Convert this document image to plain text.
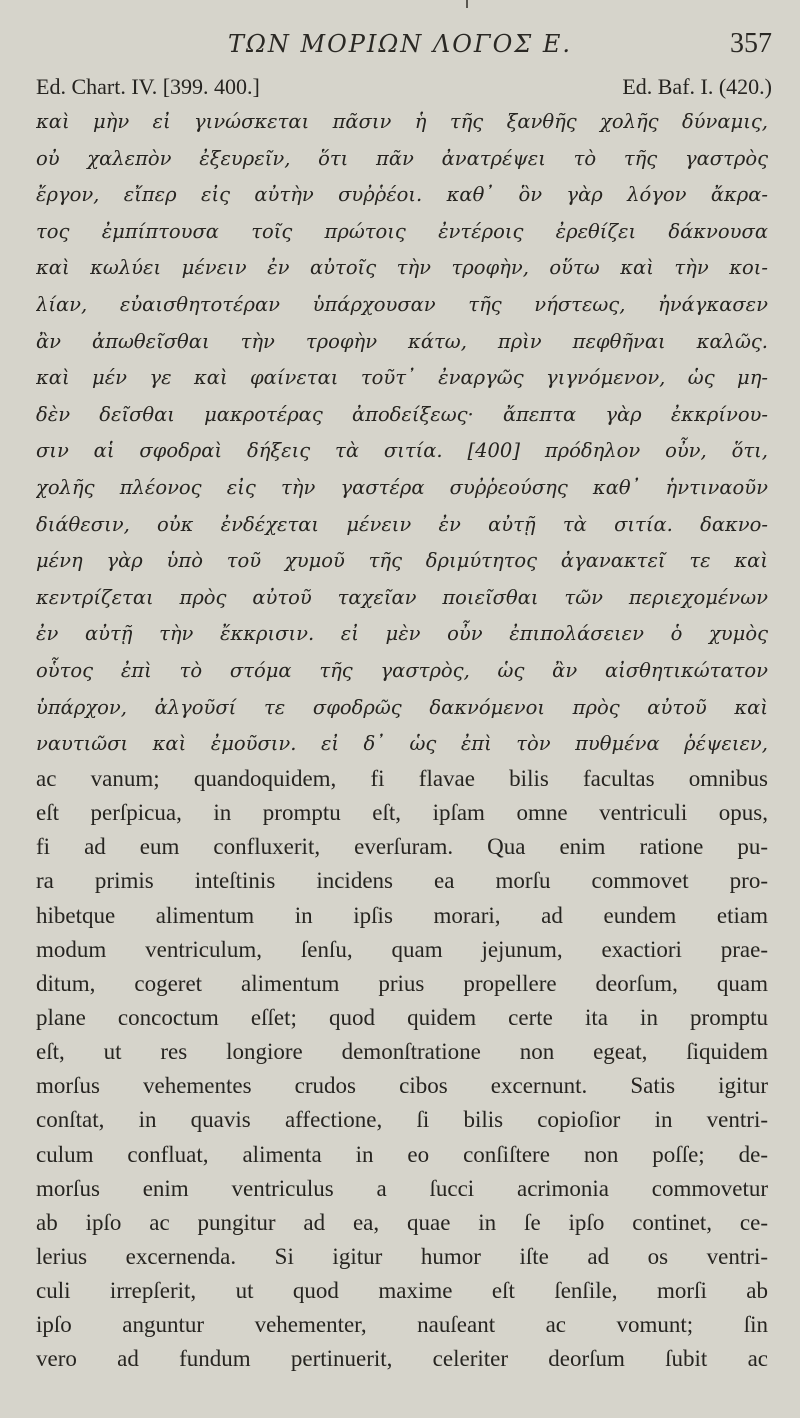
ΤΩΝ ΜΟΡΙΩΝ ΛΟΓΟΣ Ε.	357
Ed. Chart. IV. [399. 400.]	Ed. Baf. I. (420.)
καὶ μὴν εἰ γινώσκεται πᾶσιν ἡ τῆς ξανθῆς χολῆς δύναμις,
οὐ χαλεπὸν ἐξευρεῖν, ὅτι πᾶν ἀνατρέψει τὸ τῆς γαστρὸς
ἔργον, εἴπερ εἰς αὐτὴν συῤῥέοι. καθ᾽ ὃν γὰρ λόγον ἄκρα-
τος ἐμπίπτουσα τοῖς πρώτοις ἐντέροις ἐρεθίζει δάκνουσα
καὶ κωλύει μένειν ἐν αὐτοῖς τὴν τροφὴν, οὕτω καὶ τὴν κοι-
λίαν, εὐαισθητοτέραν ὑπάρχουσαν τῆς νήστεως, ἠνάγκασεν
ἂν ἀπωθεῖσθαι τὴν τροφὴν κάτω, πρὶν πεφθῆναι καλῶς.
καὶ μέν γε καὶ φαίνεται τοῦτ᾽ ἐναργῶς γιγνόμενον, ὡς μη-
δὲν δεῖσθαι μακροτέρας ἀποδείξεως· ἄπεπτα γὰρ ἐκκρίνου-
σιν αἱ σφοδραὶ δήξεις τὰ σιτία. [400] πρόδηλον οὖν, ὅτι,
χολῆς πλέονος εἰς τὴν γαστέρα συῤῥεούσης καθ᾽ ἡντιναοῦν
διάθεσιν, οὐκ ἐνδέχεται μένειν ἐν αὐτῇ τὰ σιτία. δακνο-
μένη γὰρ ὑπὸ τοῦ χυμοῦ τῆς δριμύτητος ἀγανακτεῖ τε καὶ
κεντρίζεται πρὸς αὐτοῦ ταχεῖαν ποιεῖσθαι τῶν περιεχομένων
ἐν αὐτῇ τὴν ἔκκρισιν. εἰ μὲν οὖν ἐπιπολάσειεν ὁ χυμὸς
οὗτος ἐπὶ τὸ στόμα τῆς γαστρὸς, ὡς ἂν αἰσθητικώτατον
ὑπάρχον, ἀλγοῦσί τε σφοδρῶς δακνόμενοι πρὸς αὐτοῦ καὶ
ναυτιῶσι καὶ ἐμοῦσιν. εἰ δ᾽ ὡς ἐπὶ τὸν πυθμένα ῥέψειεν,
ac vanum; quandoquidem, fi flavae bilis facultas omnibus
eſt perſpicua, in promptu eſt, ipſam omne ventriculi opus,
fi ad eum confluxerit, everſuram. Qua enim ratione pu-
ra primis inteſtinis incidens ea morſu commovet pro-
hibetque alimentum in ipſis morari, ad eundem etiam
modum ventriculum, ſenſu, quam jejunum, exactiori prae-
ditum, cogeret alimentum prius propellere deorſum, quam
plane concoctum eſſet; quod quidem certe ita in promptu
eſt, ut res longiore demonſtratione non egeat, ſiquidem
morſus vehementes crudos cibos excernunt. Satis igitur
conſtat, in quavis affectione, ſi bilis copioſior in ventri-
culum confluat, alimenta in eo conſiſtere non poſſe; de-
morſus enim ventriculus a ſucci acrimonia commovetur
ab ipſo ac pungitur ad ea, quae in ſe ipſo continet, ce-
lerius excernenda. Si igitur humor iſte ad os ventri-
culi irrepſerit, ut quod maxime eſt ſenſile, morſi ab
ipſo anguntur vehementer, nauſeant ac vomunt; ſin
vero ad fundum pertinuerit, celeriter deorſum ſubit ac
